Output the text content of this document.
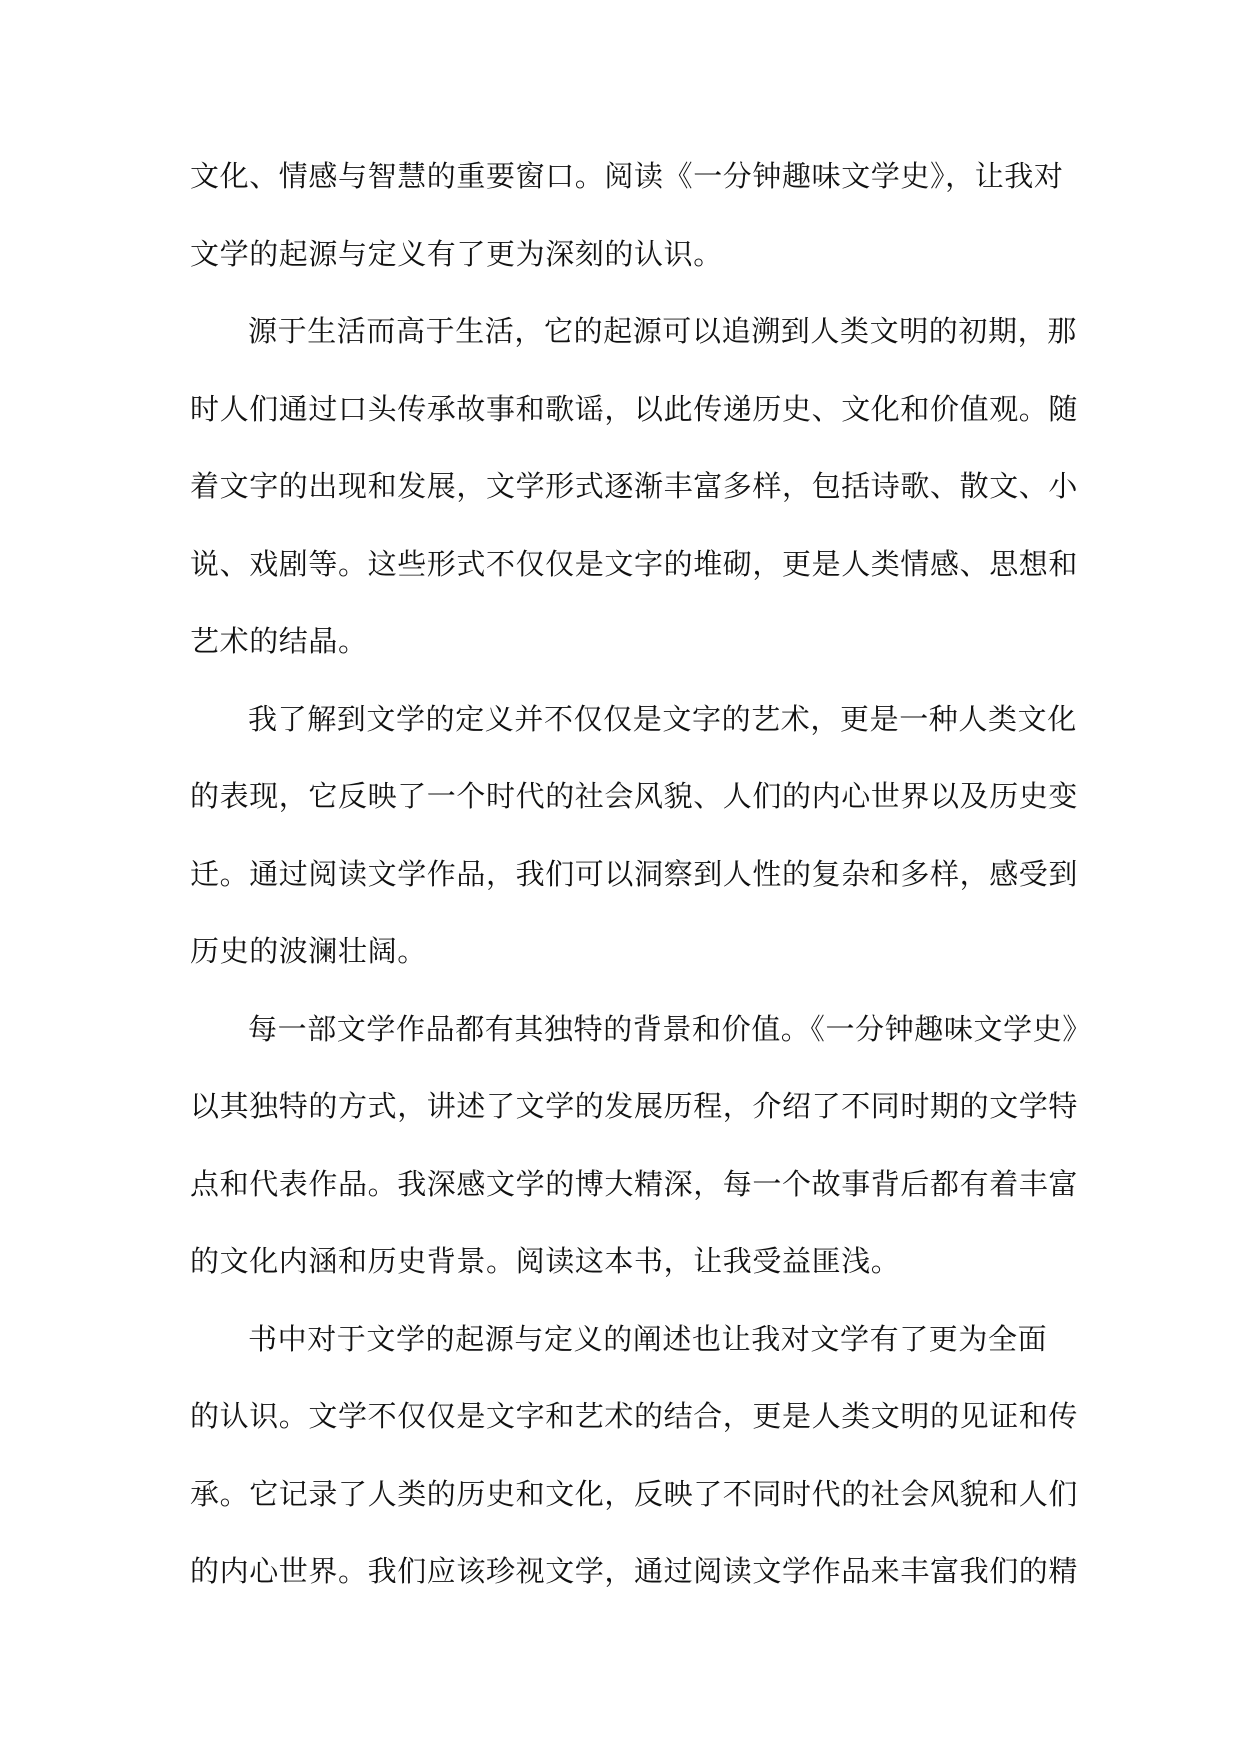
文化、情感与智慧的重要窗口。阅读《一分钟趣味文学史》，让我对
文学的起源与定义有了更为深刻的认识。
源于生活而高于生活，它的起源可以追溯到人类文明的初期，那
时人们通过口头传承故事和歌谣，以此传递历史、文化和价值观。随
着文字的出现和发展，文学形式逐渐丰富多样，包括诗歌、散文、小
说、戏剧等。这些形式不仅仅是文字的堆砌，更是人类情感、思想和
艺术的结晶。
我了解到文学的定义并不仅仅是文字的艺术，更是一种人类文化
的表现，它反映了一个时代的社会风貌、人们的内心世界以及历史变
迁。通过阅读文学作品，我们可以洞察到人性的复杂和多样，感受到
历史的波澜壮阔。
每一部文学作品都有其独特的背景和价值。《一分钟趣味文学史》
以其独特的方式，讲述了文学的发展历程，介绍了不同时期的文学特
点和代表作品。我深感文学的博大精深，每一个故事背后都有着丰富
的文化内涵和历史背景。阅读这本书，让我受益匪浅。
书中对于文学的起源与定义的阐述也让我对文学有了更为全面
的认识。文学不仅仅是文字和艺术的结合，更是人类文明的见证和传
承。它记录了人类的历史和文化，反映了不同时代的社会风貌和人们
的内心世界。我们应该珍视文学，通过阅读文学作品来丰富我们的精
